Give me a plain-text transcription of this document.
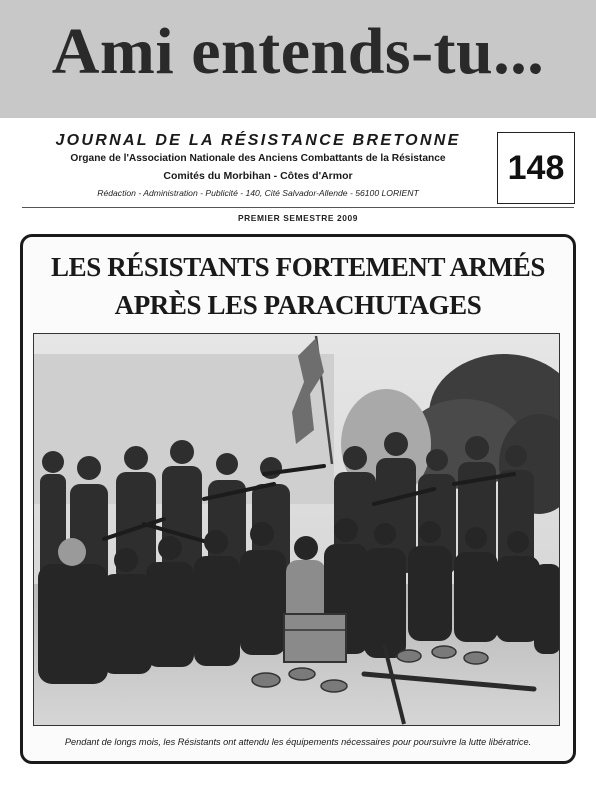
Ami entends-tu...
JOURNAL DE LA RÉSISTANCE BRETONNE
Organe de l'Association Nationale des Anciens Combattants de la Résistance
Comités du Morbihan - Côtes d'Armor
Rédaction - Administration - Publicité - 140, Cité Salvador-Allende - 56100 LORIENT
148
PREMIER SEMESTRE 2009
LES RÉSISTANTS FORTEMENT ARMÉS
APRÈS LES PARACHUTAGES
Pendant de longs mois, les Résistants ont attendu les équipements nécessaires pour poursuivre la lutte libératrice.
